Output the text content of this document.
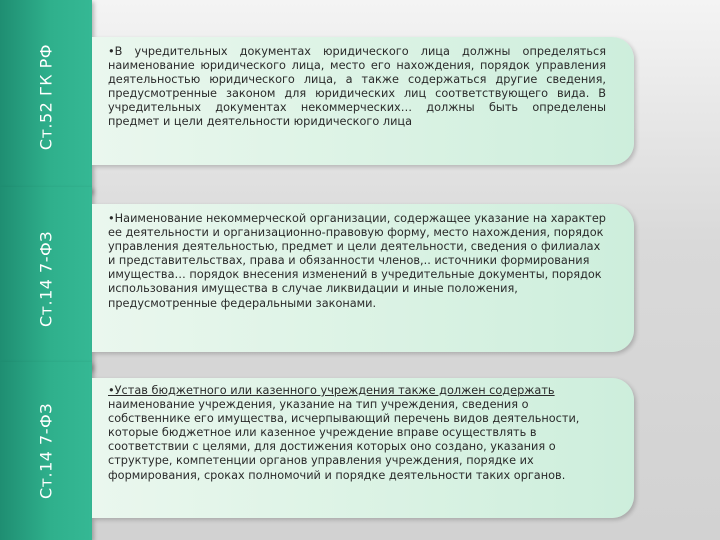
Ст.52 ГК РФ	•В учредительных документах юридического лица должны определяться наименование юридического лица, место его нахождения, порядок управления деятельностью юридического лица, а также содержаться другие сведения, предусмотренные законом для юридических лиц соответствующего вида. В учредительных документах некоммерческих… должны быть определены предмет и цели деятельности юридического лица
Ст.14 7-ФЗ
•Наименование некоммерческой организации, содержащее указание на характер ее деятельности и организационно-правовую форму, место нахождения, порядок управления деятельностью, предмет и цели деятельности, сведения о филиалах и представительствах, права и обязанности членов,.. источники формирования имущества… порядок внесения изменений в учредительные документы, порядок использования имущества в случае ликвидации и иные положения, предусмотренные федеральными законами.
Ст.14 7-ФЗ
•Устав бюджетного или казенного учреждения также должен содержать наименование учреждения, указание на тип учреждения, сведения о собственнике его имущества, исчерпывающий перечень видов деятельности, которые бюджетное или казенное учреждение вправе осуществлять в соответствии с целями, для достижения которых оно создано, указания о структуре, компетенции органов управления учреждения, порядке их формирования, сроках полномочий и порядке деятельности таких органов.
